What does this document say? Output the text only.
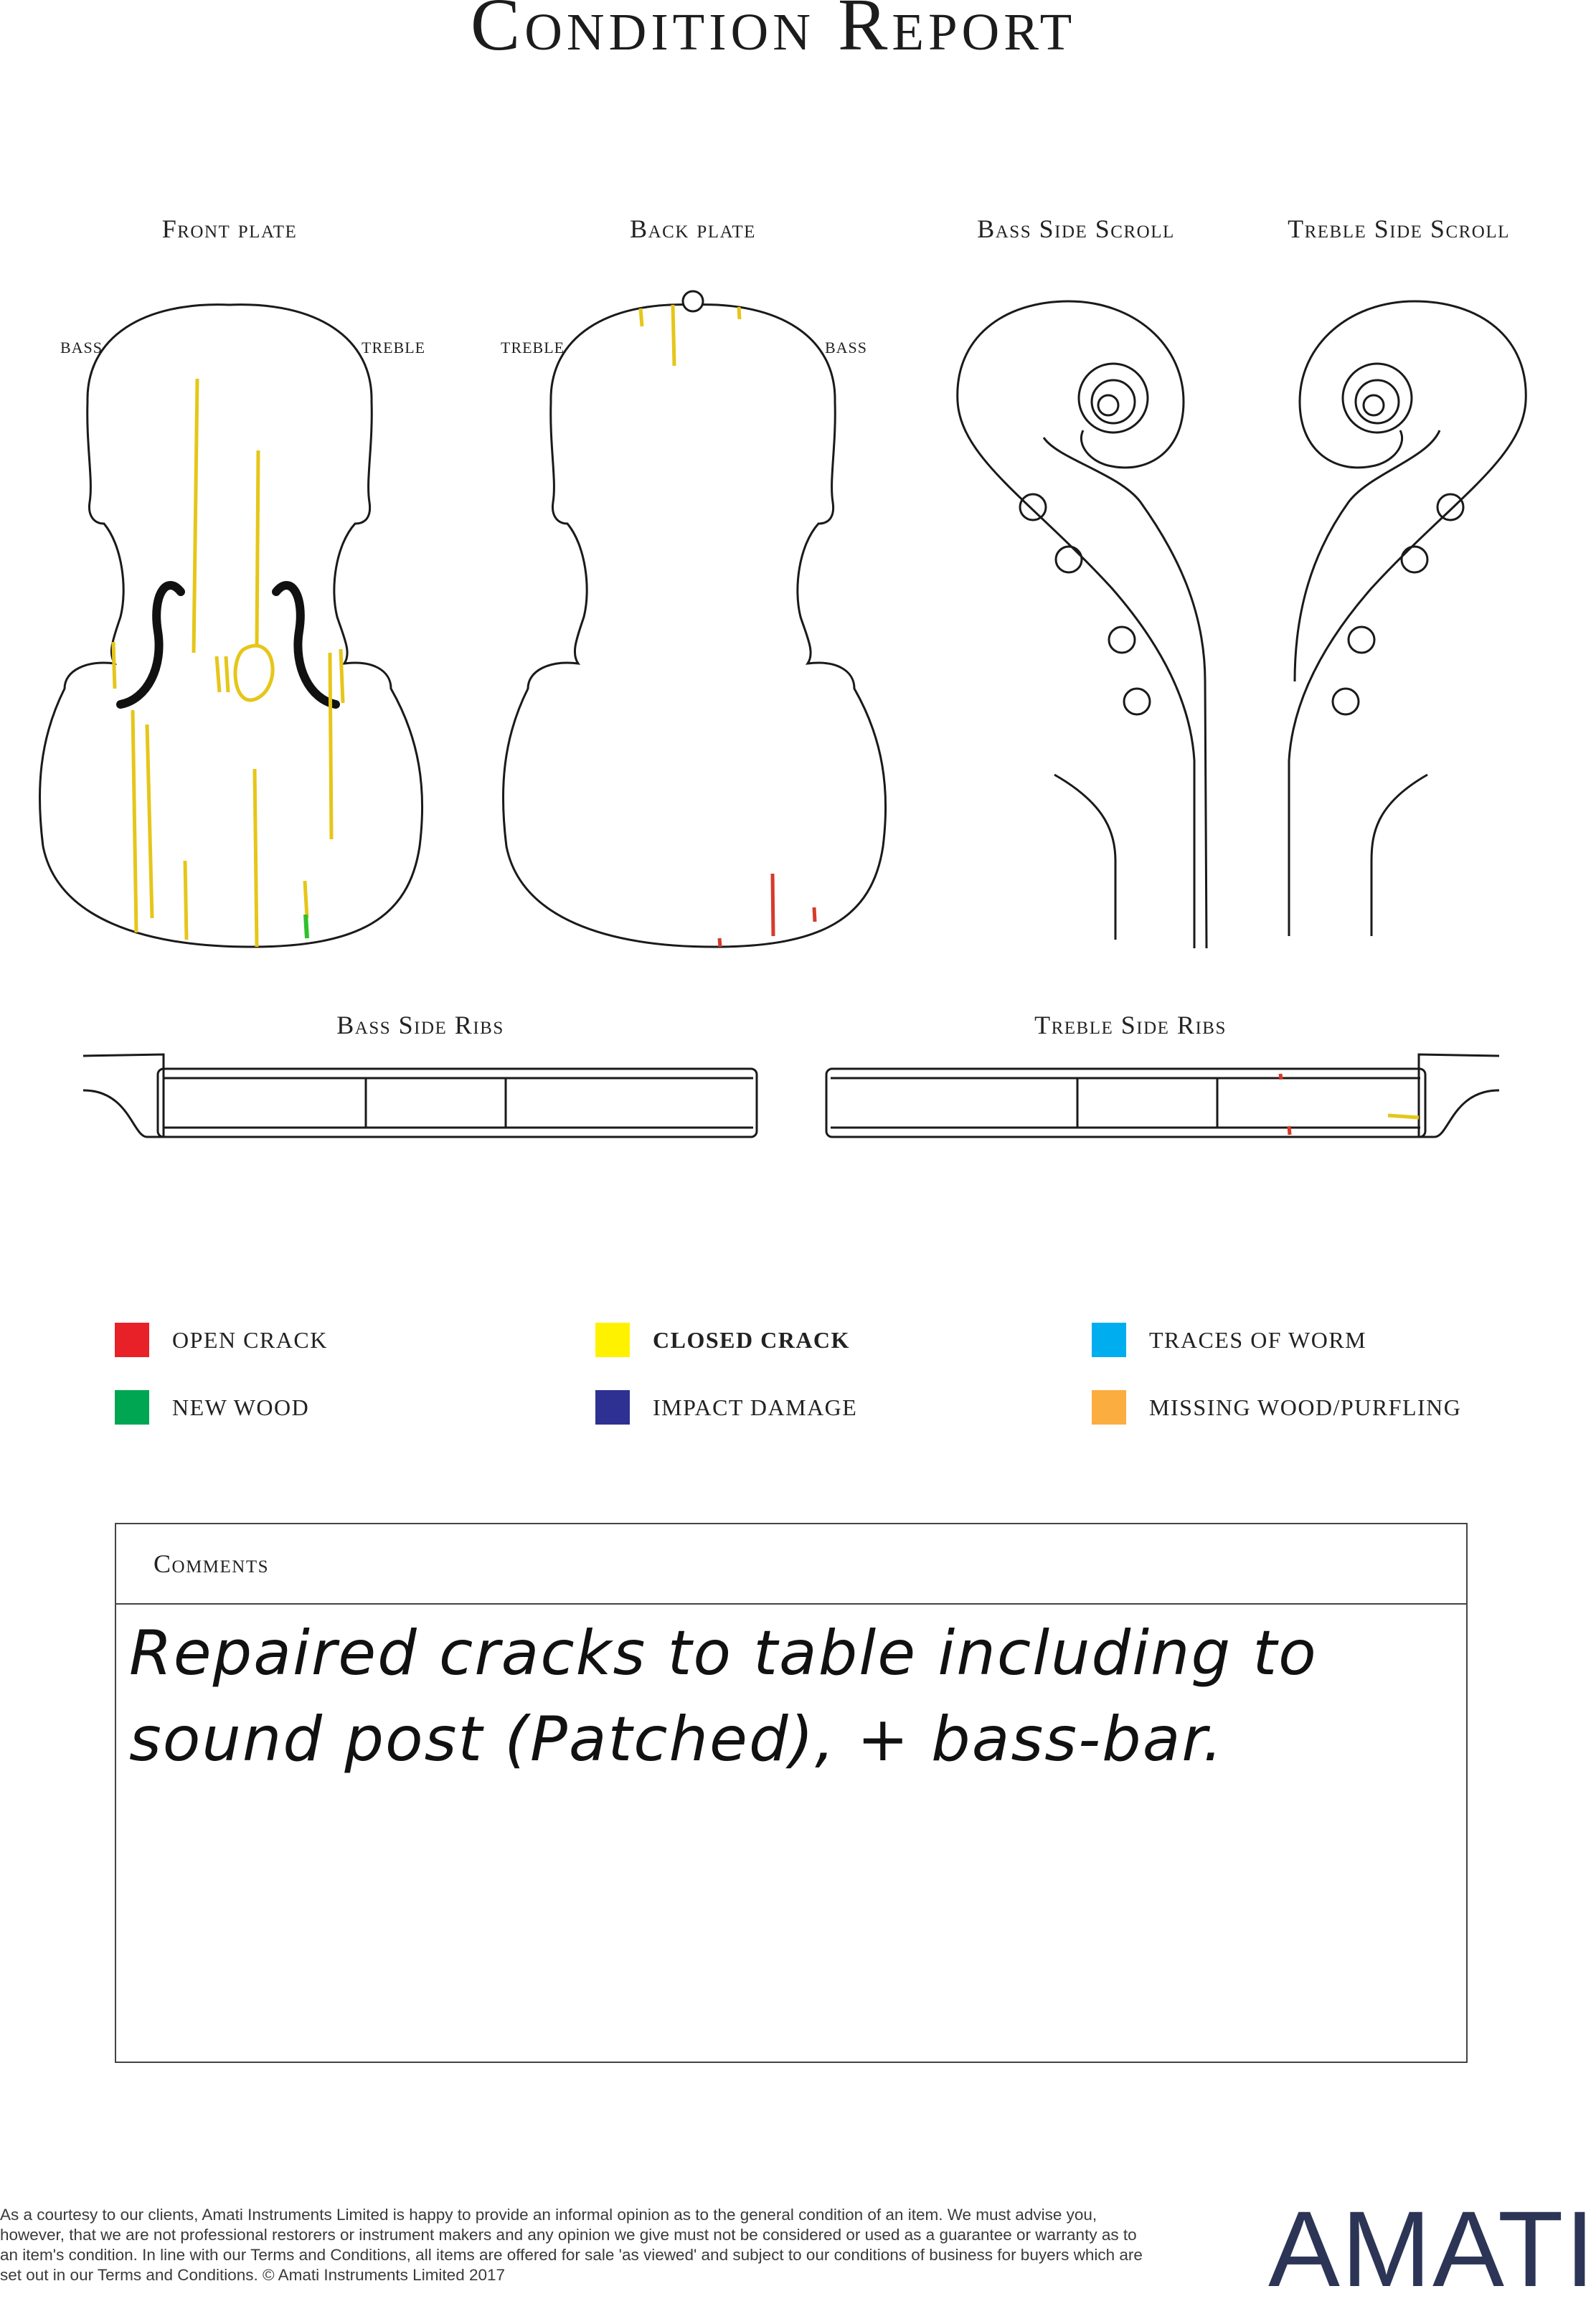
Condition Report
Front plate	Back plate	Bass Side Scroll	Treble Side Scroll
Bass Side Ribs	Treble Side Ribs
BASS	TREBLE	TREBLE	BASS
OPEN CRACK	CLOSED CRACK	TRACES OF WORM
NEW WOOD	IMPACT DAMAGE	MISSING WOOD/PURFLING
Comments
Repaired cracks to table including to
sound post (Patched), + bass-bar.
As a courtesy to our clients, Amati Instruments Limited is happy to provide an informal opinion as to the general condition of an item. We must advise you, however, that we are not professional restorers or instrument makers and any opinion we give must not be considered or used as a guarantee or warranty as to an item's condition. In line with our Terms and Conditions, all items are offered for sale 'as viewed' and subject to our conditions of business for buyers which are set out in our Terms and Conditions. © Amati Instruments Limited 2017	AMATI
